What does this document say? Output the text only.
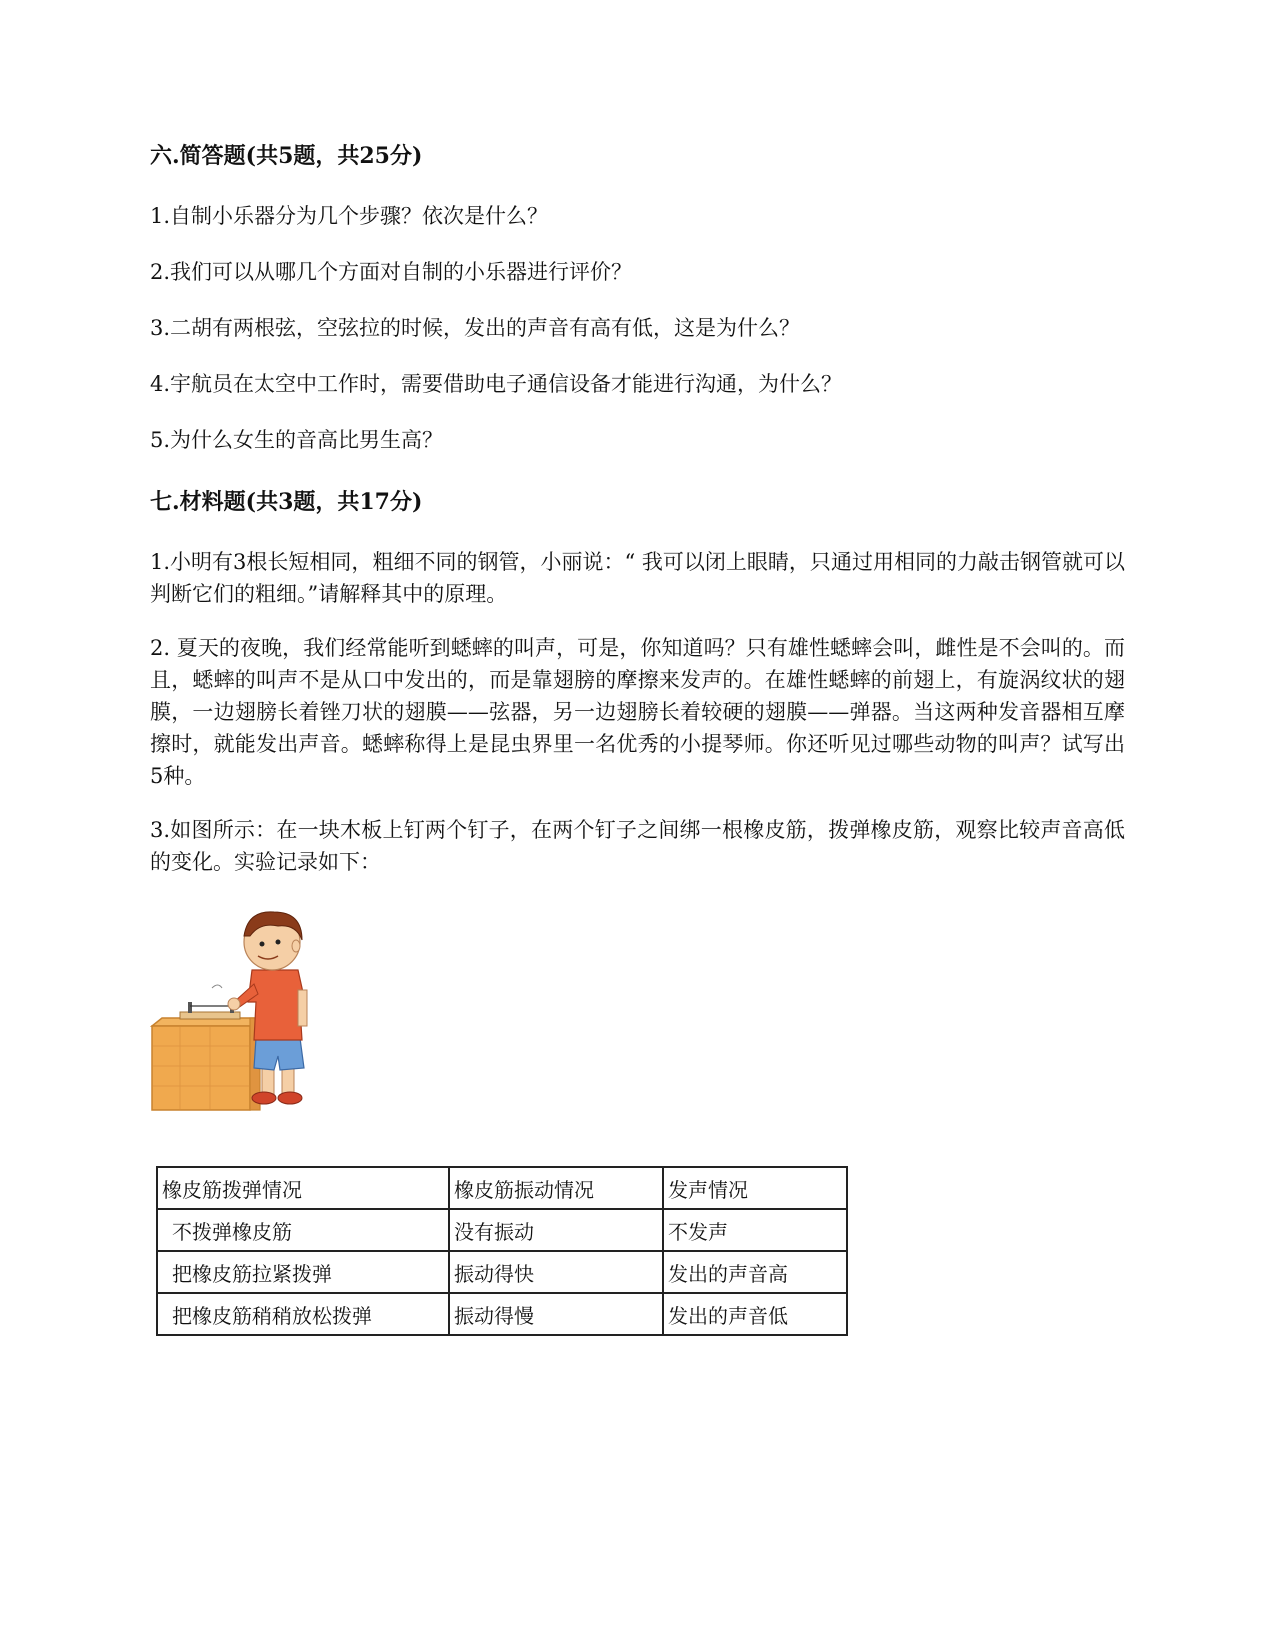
六.简答题(共5题，共25分)
1.自制小乐器分为几个步骤？依次是什么？
2.我们可以从哪几个方面对自制的小乐器进行评价？
3.二胡有两根弦，空弦拉的时候，发出的声音有高有低，这是为什么？
4.宇航员在太空中工作时，需要借助电子通信设备才能进行沟通，为什么？
5.为什么女生的音高比男生高？
七.材料题(共3题，共17分)
1.小明有3根长短相同，粗细不同的钢管，小丽说：“ 我可以闭上眼睛，只通过用相同的力敲击钢管就可以判断它们的粗细。”请解释其中的原理。
2. 夏天的夜晚，我们经常能听到蟋蟀的叫声，可是，你知道吗？只有雄性蟋蟀会叫，雌性是不会叫的。而且，蟋蟀的叫声不是从口中发出的，而是靠翅膀的摩擦来发声的。在雄性蟋蟀的前翅上，有旋涡纹状的翅膜，一边翅膀长着锉刀状的翅膜——弦器，另一边翅膀长着较硬的翅膜——弹器。当这两种发音器相互摩擦时，就能发出声音。蟋蟀称得上是昆虫界里一名优秀的小提琴师。你还听见过哪些动物的叫声？试写出5种。
3.如图所示：在一块木板上钉两个钉子，在两个钉子之间绑一根橡皮筋，拨弹橡皮筋，观察比较声音高低的变化。实验记录如下：
橡皮筋拨弹情况	橡皮筋振动情况	发声情况
不拨弹橡皮筋	没有振动	不发声
把橡皮筋拉紧拨弹	振动得快	发出的声音高
把橡皮筋稍稍放松拨弹	振动得慢	发出的声音低
